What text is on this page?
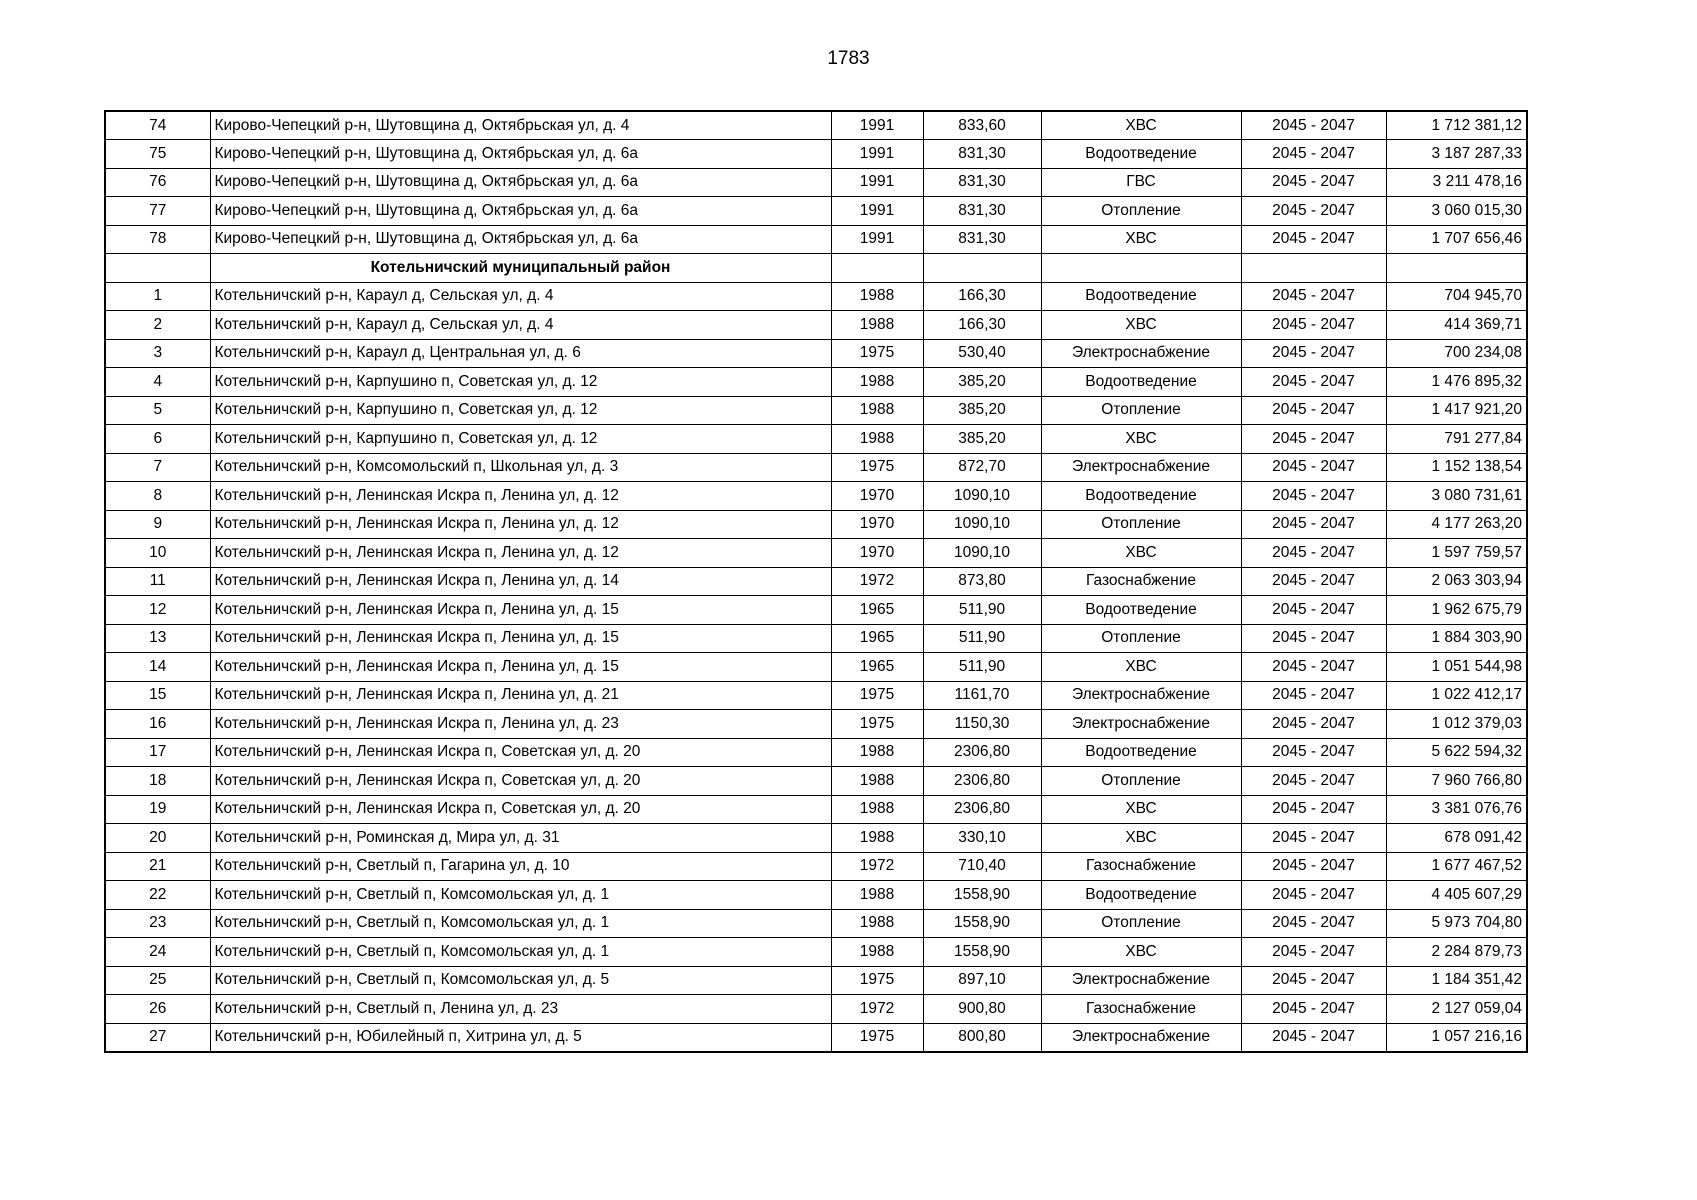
1783
74	Кирово-Чепецкий р-н, Шутовщина д, Октябрьская ул, д. 4	1991	833,60	ХВС	2045 - 2047	1 712 381,12
75	Кирово-Чепецкий р-н, Шутовщина д, Октябрьская ул, д. 6а	1991	831,30	Водоотведение	2045 - 2047	3 187 287,33
76	Кирово-Чепецкий р-н, Шутовщина д, Октябрьская ул, д. 6а	1991	831,30	ГВС	2045 - 2047	3 211 478,16
77	Кирово-Чепецкий р-н, Шутовщина д, Октябрьская ул, д. 6а	1991	831,30	Отопление	2045 - 2047	3 060 015,30
78	Кирово-Чепецкий р-н, Шутовщина д, Октябрьская ул, д. 6а	1991	831,30	ХВС	2045 - 2047	1 707 656,46
	Котельничский муниципальный район					
1	Котельничский р-н, Караул д, Сельская ул, д. 4	1988	166,30	Водоотведение	2045 - 2047	704 945,70
2	Котельничский р-н, Караул д, Сельская ул, д. 4	1988	166,30	ХВС	2045 - 2047	414 369,71
3	Котельничский р-н, Караул д, Центральная ул, д. 6	1975	530,40	Электроснабжение	2045 - 2047	700 234,08
4	Котельничский р-н, Карпушино п, Советская ул, д. 12	1988	385,20	Водоотведение	2045 - 2047	1 476 895,32
5	Котельничский р-н, Карпушино п, Советская ул, д. 12	1988	385,20	Отопление	2045 - 2047	1 417 921,20
6	Котельничский р-н, Карпушино п, Советская ул, д. 12	1988	385,20	ХВС	2045 - 2047	791 277,84
7	Котельничский р-н, Комсомольский п, Школьная ул, д. 3	1975	872,70	Электроснабжение	2045 - 2047	1 152 138,54
8	Котельничский р-н, Ленинская Искра п, Ленина ул, д. 12	1970	1090,10	Водоотведение	2045 - 2047	3 080 731,61
9	Котельничский р-н, Ленинская Искра п, Ленина ул, д. 12	1970	1090,10	Отопление	2045 - 2047	4 177 263,20
10	Котельничский р-н, Ленинская Искра п, Ленина ул, д. 12	1970	1090,10	ХВС	2045 - 2047	1 597 759,57
11	Котельничский р-н, Ленинская Искра п, Ленина ул, д. 14	1972	873,80	Газоснабжение	2045 - 2047	2 063 303,94
12	Котельничский р-н, Ленинская Искра п, Ленина ул, д. 15	1965	511,90	Водоотведение	2045 - 2047	1 962 675,79
13	Котельничский р-н, Ленинская Искра п, Ленина ул, д. 15	1965	511,90	Отопление	2045 - 2047	1 884 303,90
14	Котельничский р-н, Ленинская Искра п, Ленина ул, д. 15	1965	511,90	ХВС	2045 - 2047	1 051 544,98
15	Котельничский р-н, Ленинская Искра п, Ленина ул, д. 21	1975	1161,70	Электроснабжение	2045 - 2047	1 022 412,17
16	Котельничский р-н, Ленинская Искра п, Ленина ул, д. 23	1975	1150,30	Электроснабжение	2045 - 2047	1 012 379,03
17	Котельничский р-н, Ленинская Искра п, Советская ул, д. 20	1988	2306,80	Водоотведение	2045 - 2047	5 622 594,32
18	Котельничский р-н, Ленинская Искра п, Советская ул, д. 20	1988	2306,80	Отопление	2045 - 2047	7 960 766,80
19	Котельничский р-н, Ленинская Искра п, Советская ул, д. 20	1988	2306,80	ХВС	2045 - 2047	3 381 076,76
20	Котельничский р-н, Роминская д, Мира ул, д. 31	1988	330,10	ХВС	2045 - 2047	678 091,42
21	Котельничский р-н, Светлый п, Гагарина ул, д. 10	1972	710,40	Газоснабжение	2045 - 2047	1 677 467,52
22	Котельничский р-н, Светлый п, Комсомольская ул, д. 1	1988	1558,90	Водоотведение	2045 - 2047	4 405 607,29
23	Котельничский р-н, Светлый п, Комсомольская ул, д. 1	1988	1558,90	Отопление	2045 - 2047	5 973 704,80
24	Котельничский р-н, Светлый п, Комсомольская ул, д. 1	1988	1558,90	ХВС	2045 - 2047	2 284 879,73
25	Котельничский р-н, Светлый п, Комсомольская ул, д. 5	1975	897,10	Электроснабжение	2045 - 2047	1 184 351,42
26	Котельничский р-н, Светлый п, Ленина ул, д. 23	1972	900,80	Газоснабжение	2045 - 2047	2 127 059,04
27	Котельничский р-н, Юбилейный п, Хитрина ул, д. 5	1975	800,80	Электроснабжение	2045 - 2047	1 057 216,16
